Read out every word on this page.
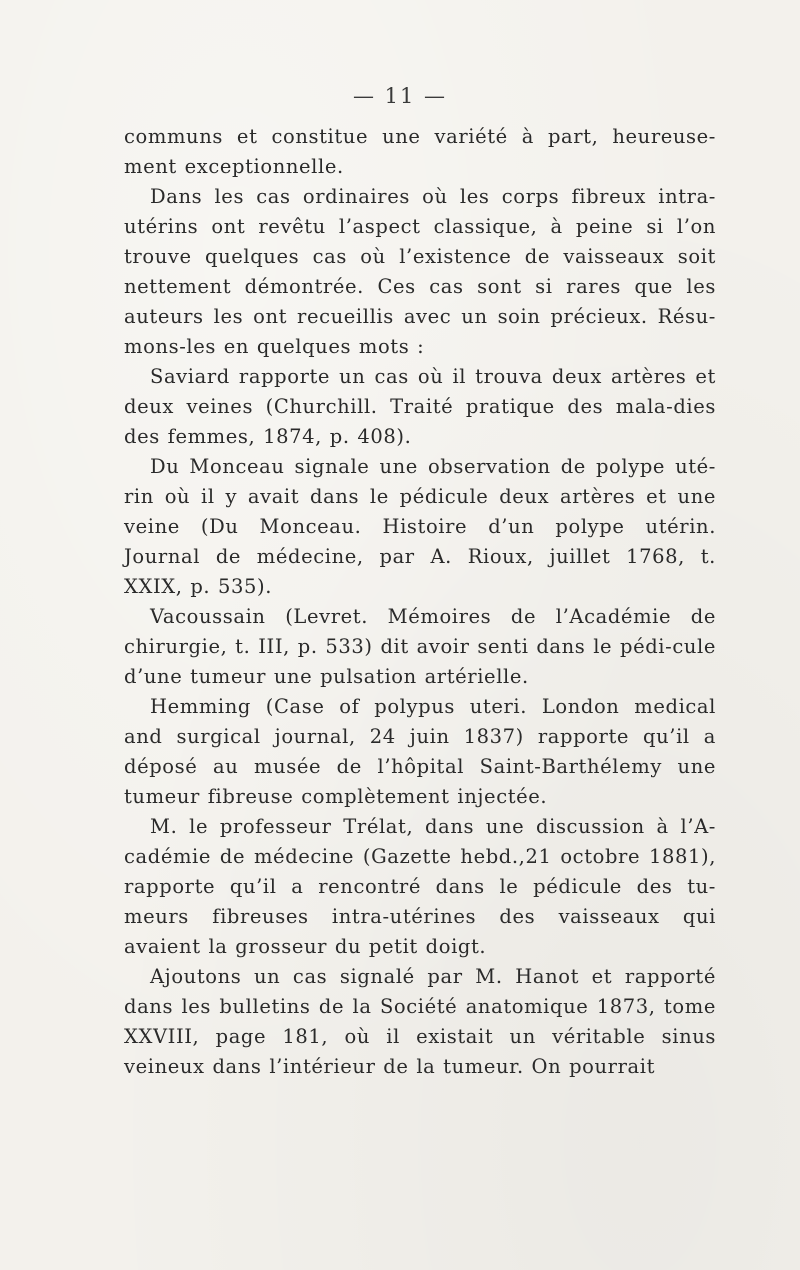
— 11 —

communs et constitue une variété à part, heureuse-ment exceptionnelle.

Dans les cas ordinaires où les corps fibreux intra-utérins ont revêtu l’aspect classique, à peine si l’on trouve quelques cas où l’existence de vaisseaux soit nettement démontrée. Ces cas sont si rares que les auteurs les ont recueillis avec un soin précieux. Résu-mons-les en quelques mots :

Saviard rapporte un cas où il trouva deux artères et deux veines (Churchill. Traité pratique des mala-dies des femmes, 1874, p. 408).

Du Monceau signale une observation de polype uté-rin où il y avait dans le pédicule deux artères et une veine (Du Monceau. Histoire d’un polype utérin. Journal de médecine, par A. Rioux, juillet 1768, t. XXIX, p. 535).

Vacoussain (Levret. Mémoires de l’Académie de chirurgie, t. III, p. 533) dit avoir senti dans le pédi-cule d’une tumeur une pulsation artérielle.

Hemming (Case of polypus uteri. London medical and surgical journal, 24 juin 1837) rapporte qu’il a déposé au musée de l’hôpital Saint-Barthélemy une tumeur fibreuse complètement injectée.

M. le professeur Trélat, dans une discussion à l’A-cadémie de médecine (Gazette hebd.,21 octobre 1881), rapporte qu’il a rencontré dans le pédicule des tu-meurs fibreuses intra-utérines des vaisseaux qui avaient la grosseur du petit doigt.

Ajoutons un cas signalé par M. Hanot et rapporté dans les bulletins de la Société anatomique 1873, tome XXVIII, page 181, où il existait un véritable sinus veineux dans l’intérieur de la tumeur. On pourrait
